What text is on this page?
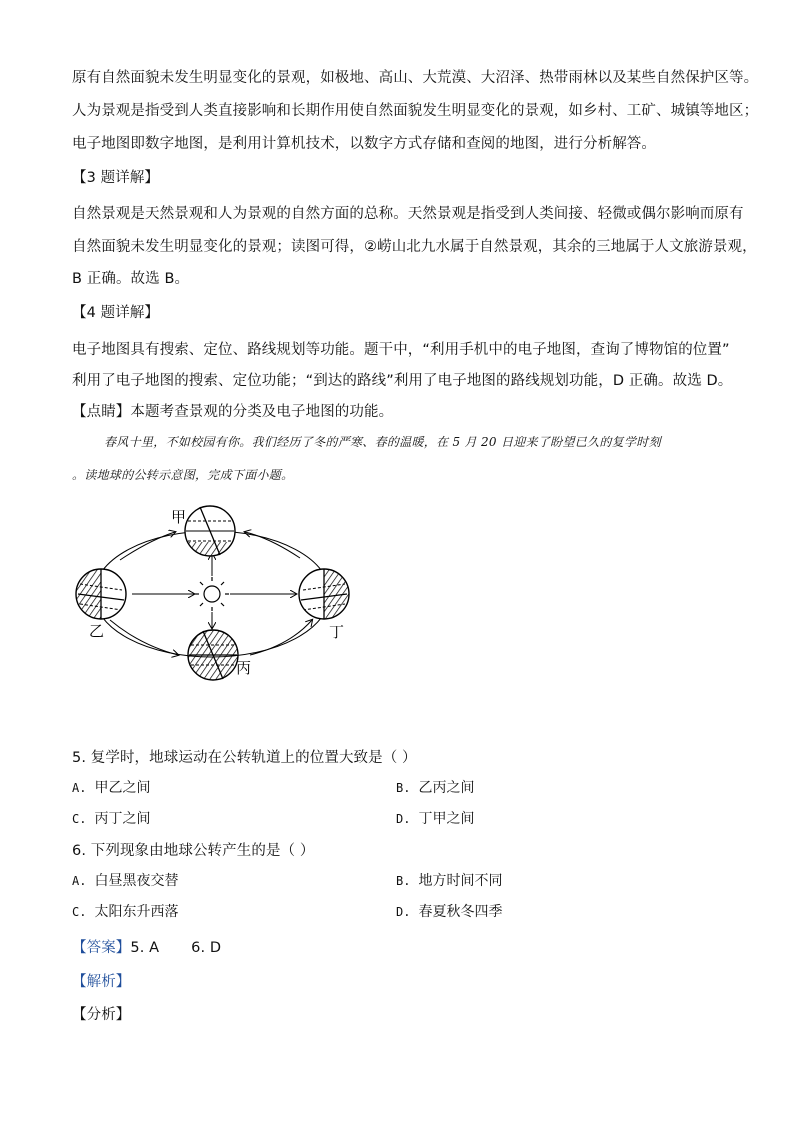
原有自然面貌未发生明显变化的景观，如极地、高山、大荒漠、大沼泽、热带雨林以及某些自然保护区等。
人为景观是指受到人类直接影响和长期作用使自然面貌发生明显变化的景观，如乡村、工矿、城镇等地区；
电子地图即数字地图，是利用计算机技术，以数字方式存储和查阅的地图，进行分析解答。
【3 题详解】
自然景观是天然景观和人为景观的自然方面的总称。天然景观是指受到人类间接、轻微或偶尔影响而原有
自然面貌未发生明显变化的景观；读图可得，②崂山北九水属于自然景观，其余的三地属于人文旅游景观，
B 正确。故选 B。
【4 题详解】
电子地图具有搜索、定位、路线规划等功能。题干中，“利用手机中的电子地图，查询了博物馆的位置”
利用了电子地图的搜索、定位功能；“到达的路线”利用了电子地图的路线规划功能，D 正确。故选 D。
【点睛】本题考查景观的分类及电子地图的功能。
春风十里，不如校园有你。我们经历了冬的严寒、春的温暖，在 5 月 20 日迎来了盼望已久的复学时刻
。读地球的公转示意图，完成下面小题。
甲
乙
丙
丁
5. 复学时，地球运动在公转轨道上的位置大致是（ ）
A. 甲乙之间	B. 乙丙之间
C. 丙丁之间	D. 丁甲之间
6. 下列现象由地球公转产生的是（ ）
A. 白昼黑夜交替	B. 地方时间不同
C. 太阳东升西落	D. 春夏秋冬四季
【答案】5. A 6. D
【解析】
【分析】
